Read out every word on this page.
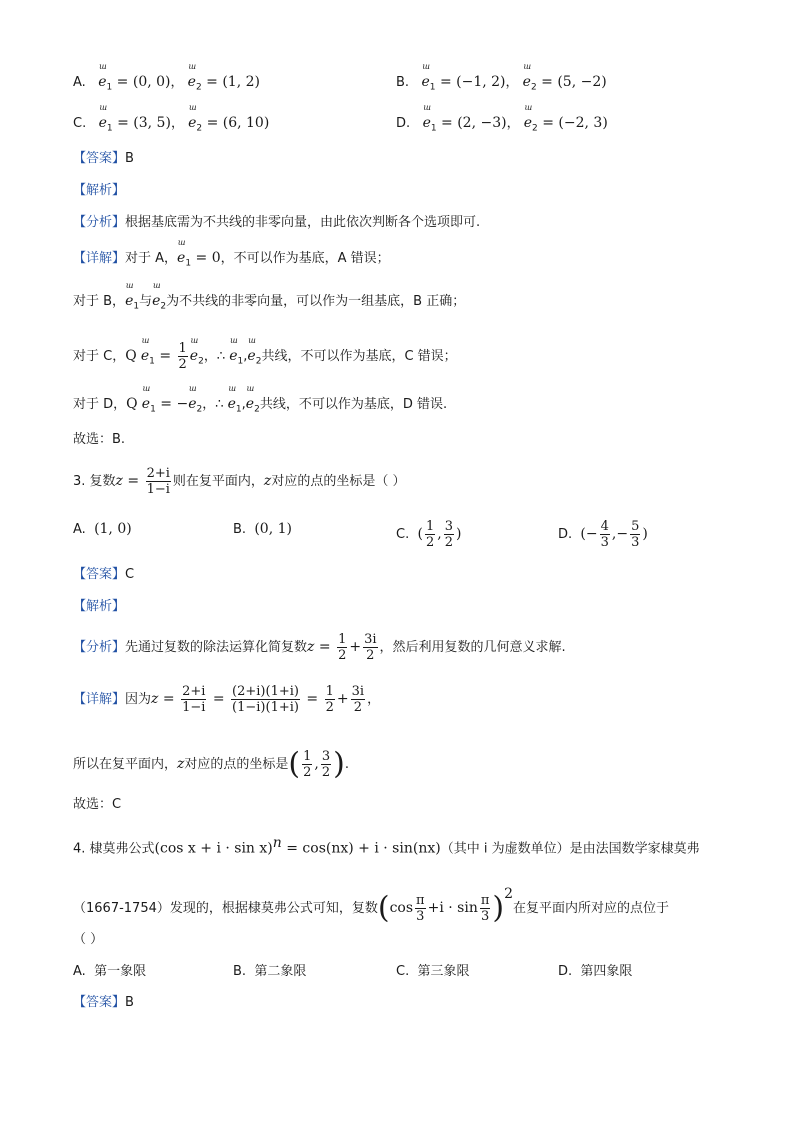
A.
ш
$e_1 = (0$, 0)，
ш
$e_2 = (1$, 2)	B.
ш
$e_1 = (-1$, 2)，
ш
$e_2 = (5$, −2)
C.
ш
$e_1 = (3$, 5)，
ш
$e_2 = (6$, 10)	D.
ш
$e_1 = (2$, −3)，
ш
$e_2 = (-2$, 3)
【答案】B
【解析】
【分析】根据基底需为不共线的非零向量，由此依次判断各个选项即可.
【详解】对于 A，
ш
$e_1 = 0$，不可以作为基底，A 错误；
对于 B，
ш
$e_1$与
ш
$e_2$为不共线的非零向量，可以作为一组基底，B 正确；
对于 C，Q
ш
$e_1 = \frac{1}{2}$
ш
$e_2$，∴
ш
$e_1$,
ш
$e_2$共线，不可以作为基底，C 错误；
对于 D，Q
ш
$e_1$ = −
ш
$e_2$，∴
ш
$e_1$,
ш
$e_2$共线，不可以作为基底，D 错误.
故选：B.
3. 复数$z = \frac{2+i}{1-i}$ 则在复平面内，z对应的点的坐标是（ ）
A. (1, 0)	B. (0, 1)	C. ( $\frac{1}{2}$ , $\frac{3}{2}$ )	D. (− $\frac{4}{3}$ ,− $\frac{5}{3}$ )
【答案】C
【解析】
【分析】先通过复数的除法运算化简复数$z = \frac{1}{2} + \frac{3i}{2}$ ，然后利用复数的几何意义求解.
【详解】因为$z = \frac{2+i}{1-i} = \frac{(2+i)(1+i)}{(1-i)(1+i)} = \frac{1}{2} + \frac{3i}{2}$ ，
所以在复平面内，z对应的点的坐标是( $\frac{1}{2}$ , $\frac{3}{2}$ ).
故选：C
4. 棣莫弗公式(cos x + i · sin x)$^n$ = cos(nx) + i · sin(nx)（其中 i 为虚数单位）是由法国数学家棣莫弗
（1667-1754）发现的，根据棣莫弗公式可知，复数$(\cos \frac{\pi}{3} +i \cdot \sin \frac{\pi}{3} )^2$在复平面内所对应的点位于
（ ）
A. 第一象限	B. 第二象限	C. 第三象限	D. 第四象限
【答案】B
